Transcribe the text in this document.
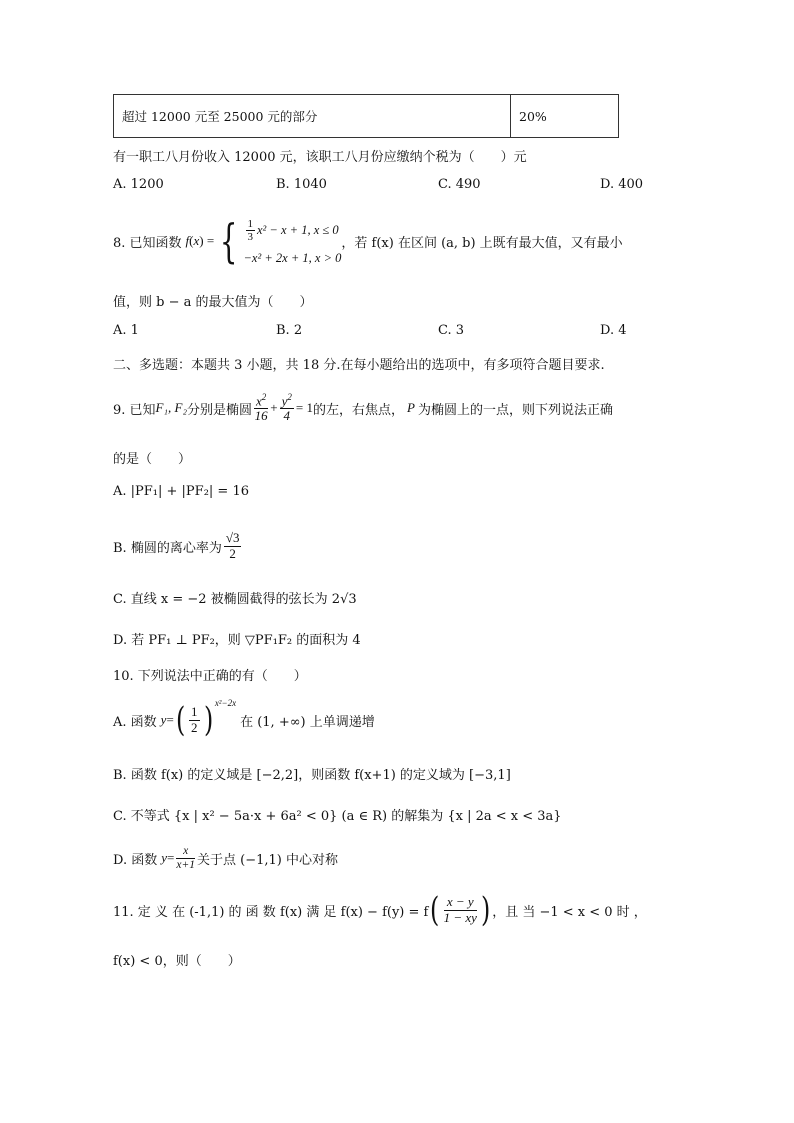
超过 12000 元至 25000 元的部分	20%
有一职工八月份收入 12000 元，该职工八月份应缴纳个税为（　　）元
A. 1200	B. 1040	C. 490	D. 400
8. 已知函数 f ( x ) = { $\frac{1}{3} x^2 - x + 1$, x ≤ 0
−x² + 2x + 1, x > 0
，若 f(x) 在区间 (a, b) 上既有最大值，又有最小
值，则 b − a 的最大值为（　　）
A. 1	B. 2	C. 3	D. 4
二、多选题：本题共 3 小题，共 18 分.在每小题给出的选项中，有多项符合题目要求.
9. 已知 F₁, F₂ 分别是椭圆 $\frac{x^2}{16} + \frac{y^2}{4} = 1$ 的左，右焦点， P 为椭圆上的一点，则下列说法正确
的是（　　）
A. |PF₁| + |PF₂| = 16
B. 椭圆的离心率为 $\frac{√3}{2}$
C. 直线 x = −2 被椭圆截得的弦长为 2√3
D. 若 PF₁ ⊥ PF₂，则 ▽PF₁F₂ 的面积为 4
10. 下列说法中正确的有（　　）
A. 函数 y = ( $\frac{1}{2}$ ) x²−2x
在 (1, +∞) 上单调递增
B. 函数 f(x) 的定义域是 [−2,2]，则函数 f(x+1) 的定义域为 [−3,1]
C. 不等式 {x | x² − 5a·x + 6a² < 0} (a ∈ R) 的解集为 {x | 2a < x < 3a}
D. 函数 $y = \frac{x}{x+1}$ 关于点 (−1,1) 中心对称
11. 定 义 在 (-1,1) 的 函 数 f(x) 满 足 f(x) − f(y) = f ( $\frac{x - y}{1 - xy}$ ) ，且 当 −1 < x < 0 时 ，
f(x) < 0，则（　　）
